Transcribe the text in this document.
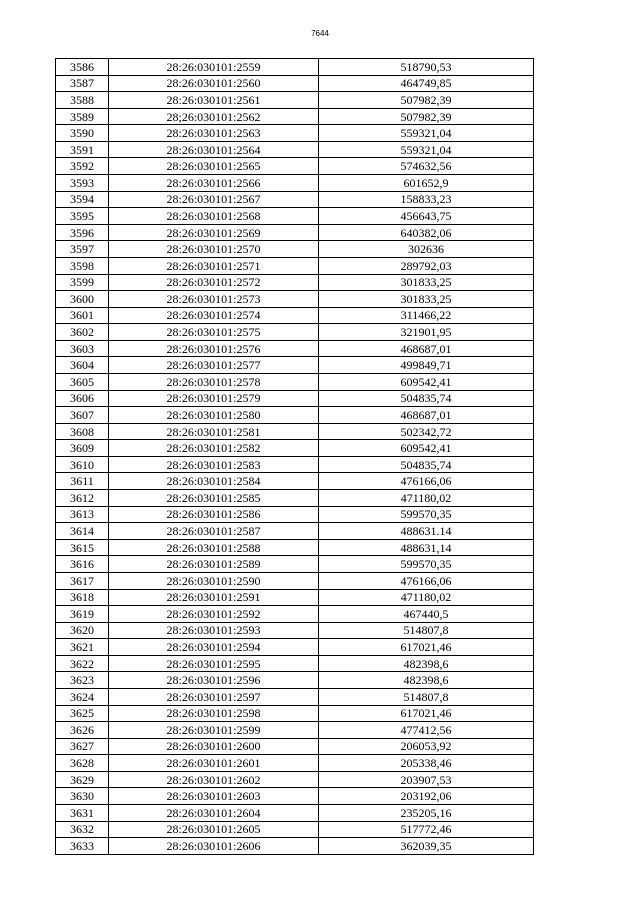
7644
3586	28:26:030101:2559	518790,53
3587	28:26:030101:2560	464749,85
3588	28:26:030101:2561	507982,39
3589	28;26:030101:2562	507982,39
3590	28:26:030101:2563	559321,04
3591	28:26:030101:2564	559321,04
3592	28:26:030101:2565	574632,56
3593	28:26:030101:2566	601652,9
3594	28:26:030101:2567	158833,23
3595	28:26:030101:2568	456643,75
3596	28:26:030101:2569	640382,06
3597	28:26:030101:2570	302636
3598	28:26:030101:2571	289792,03
3599	28:26:030101:2572	301833,25
3600	28:26:030101:2573	301833,25
3601	28:26:030101:2574	311466,22
3602	28:26:030101:2575	321901,95
3603	28:26:030101:2576	468687,01
3604	28:26:030101:2577	499849,71
3605	28:26:030101:2578	609542,41
3606	28:26:030101:2579	504835,74
3607	28:26:030101:2580	468687,01
3608	28:26:030101:2581	502342,72
3609	28:26:030101:2582	609542,41
3610	28:26:030101:2583	504835,74
3611	28:26:030101:2584	476166,06
3612	28:26:030101:2585	471180,02
3613	28:26:030101:2586	599570,35
3614	28:26:030101:2587	488631.14
3615	28:26:030101:2588	488631,14
3616	28:26:030101:2589	599570,35
3617	28:26:030101:2590	476166,06
3618	28:26:030101:2591	471180,02
3619	28:26:030101:2592	467440,5
3620	28:26:030101:2593	514807,8
3621	28:26:030101:2594	617021,46
3622	28:26:030101:2595	482398,6
3623	28:26:030101:2596	482398,6
3624	28:26:030101:2597	514807,8
3625	28:26:030101:2598	617021,46
3626	28:26:030101:2599	477412,56
3627	28:26:030101:2600	206053,92
3628	28:26:030101:2601	205338,46
3629	28:26:030101:2602	203907,53
3630	28:26:030101:2603	203192,06
3631	28:26:030101:2604	235205,16
3632	28:26:030101:2605	517772,46
3633	28:26:030101:2606	362039,35
